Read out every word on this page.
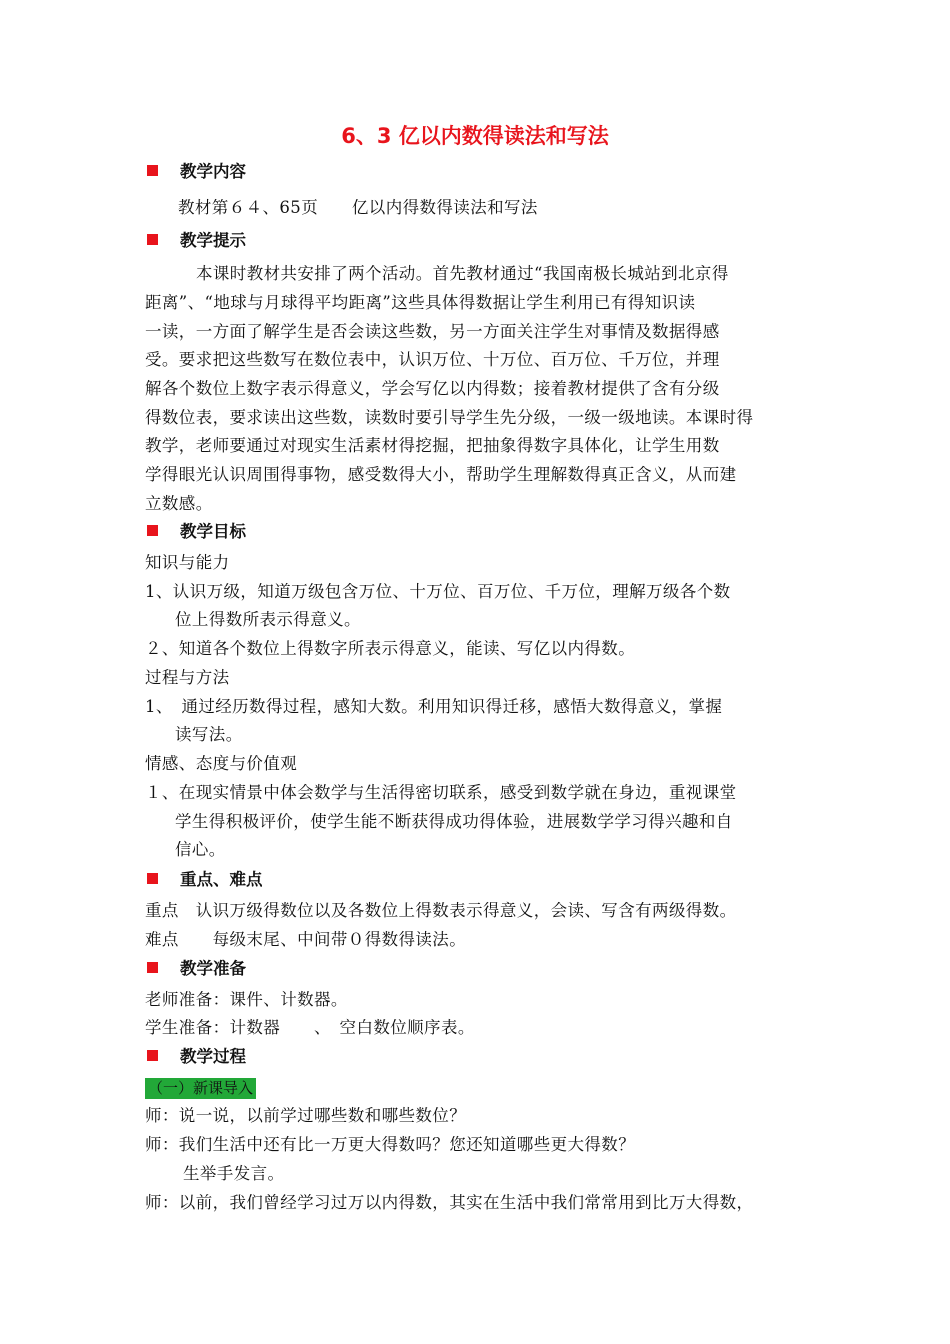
6、3 亿以内数得读法和写法
教学内容
教材第６４、65页　　亿以内得数得读法和写法
教学提示
本课时教材共安排了两个活动。首先教材通过“我国南极长城站到北京得
距离”、“地球与月球得平均距离”这些具体得数据让学生利用已有得知识读
一读，一方面了解学生是否会读这些数，另一方面关注学生对事情及数据得感
受。要求把这些数写在数位表中，认识万位、十万位、百万位、千万位，并理
解各个数位上数字表示得意义，学会写亿以内得数；接着教材提供了含有分级
得数位表，要求读出这些数，读数时要引导学生先分级，一级一级地读。本课时得
教学，老师要通过对现实生活素材得挖掘，把抽象得数字具体化，让学生用数
学得眼光认识周围得事物，感受数得大小，帮助学生理解数得真正含义，从而建
立数感。
教学目标
知识与能力
1、认识万级，知道万级包含万位、十万位、百万位、千万位，理解万级各个数
位上得数所表示得意义。
２、知道各个数位上得数字所表示得意义，能读、写亿以内得数。
过程与方法
1、　通过经历数得过程，感知大数。利用知识得迁移，感悟大数得意义，掌握
读写法。
情感、态度与价值观
１、在现实情景中体会数学与生活得密切联系，感受到数学就在身边，重视课堂
学生得积极评价，使学生能不断获得成功得体验，进展数学学习得兴趣和自
信心。
重点、难点
重点　认识万级得数位以及各数位上得数表示得意义，会读、写含有两级得数。
难点　　每级末尾、中间带０得数得读法。
教学准备
老师准备：课件、计数器。
学生准备：计数器　　、　空白数位顺序表。
教学过程
（一）新课导入
师：说一说，以前学过哪些数和哪些数位？
师：我们生活中还有比一万更大得数吗？您还知道哪些更大得数？
生举手发言。
师：以前，我们曾经学习过万以内得数，其实在生活中我们常常用到比万大得数，
